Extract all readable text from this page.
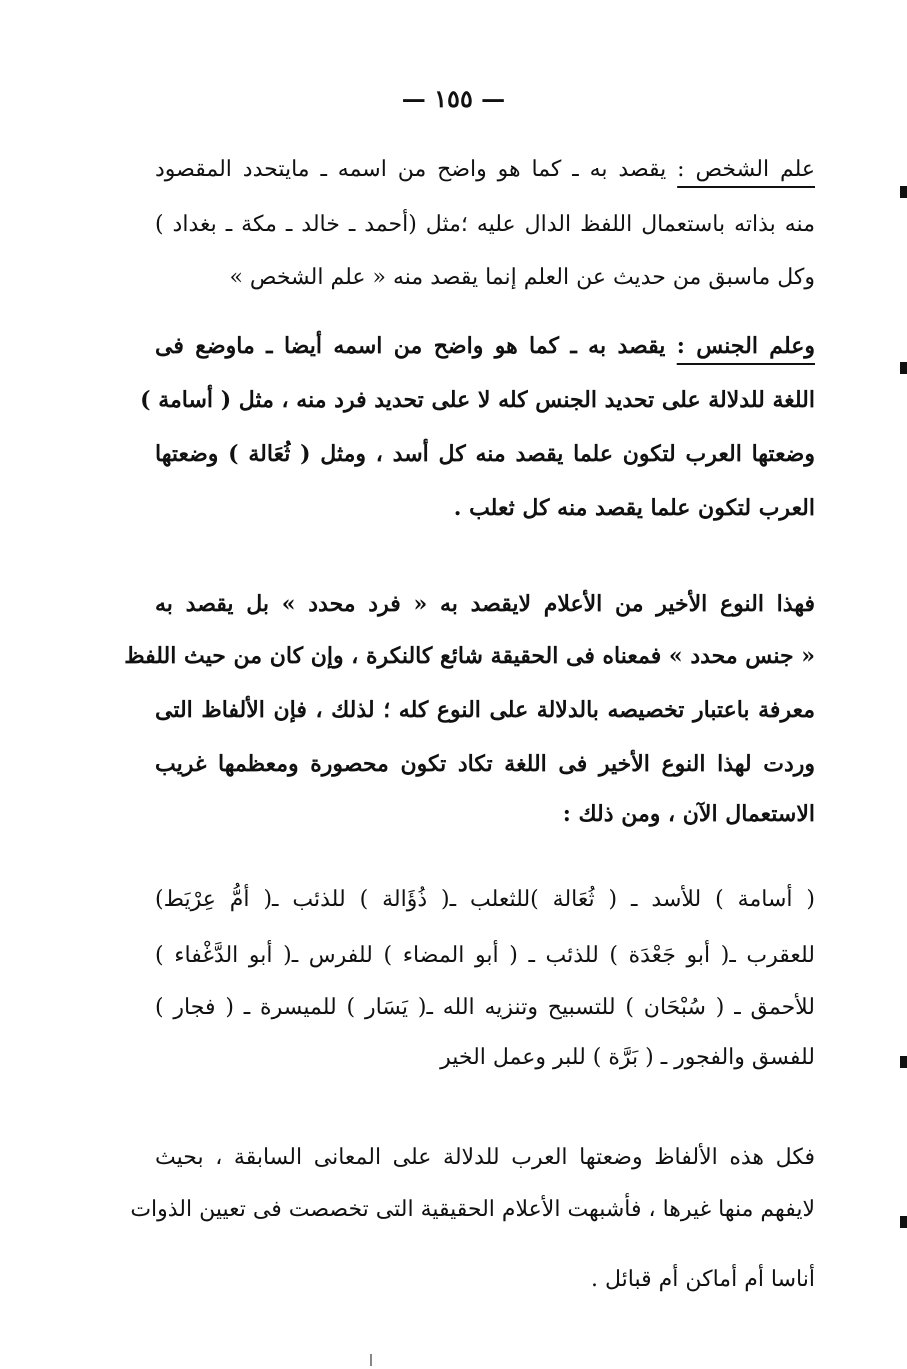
— ١٥٥ —
علم الشخص : يقصد به ـ كما هو واضح من اسمه ـ مايتحدد المقصود
منه بذاته باستعمال اللفظ الدال عليه ؛مثل (أحمد ـ خالد ـ مكة ـ بغداد )
وكل ماسبق من حديث عن العلم إنما يقصد منه « علم الشخص »
وعلم الجنس : يقصد به ـ كما هو واضح من اسمه أيضا ـ ماوضع فى
اللغة للدلالة على تحديد الجنس كله لا على تحديد فرد منه ، مثل ( أسامة )
وضعتها العرب لتكون علما يقصد منه كل أسد ، ومثل ( ثُعَالة ) وضعتها
العرب لتكون علما يقصد منه كل ثعلب .
فهذا النوع الأخير من الأعلام لايقصد به « فرد محدد » بل يقصد به
« جنس محدد » فمعناه فى الحقيقة شائع كالنكرة ، وإن كان من حيث اللفظ
معرفة باعتبار تخصيصه بالدلالة على النوع كله ؛ لذلك ، فإن الألفاظ التى
وردت لهذا النوع الأخير فى اللغة تكاد تكون محصورة ومعظمها غريب
الاستعمال الآن ، ومن ذلك :
( أسامة ) للأسد ـ ( ثُعَالة )للثعلب ـ( ذُؤَالة ) للذئب ـ( أمُّ عِرْيَط)
للعقرب ـ( أبو جَعْدَة ) للذئب ـ ( أبو المضاء ) للفرس ـ( أبو الدَّغْفاء )
للأحمق ـ ( سُبْحَان ) للتسبيح وتنزيه الله ـ( يَسَار ) للميسرة ـ ( فجار )
للفسق والفجور ـ ( بَرَّة ) للبر وعمل الخير
فكل هذه الألفاظ وضعتها العرب للدلالة على المعانى السابقة ، بحيث
لايفهم منها غيرها ، فأشبهت الأعلام الحقيقية التى تخصصت فى تعيين الذوات
أناسا أم أماكن أم قبائل .
